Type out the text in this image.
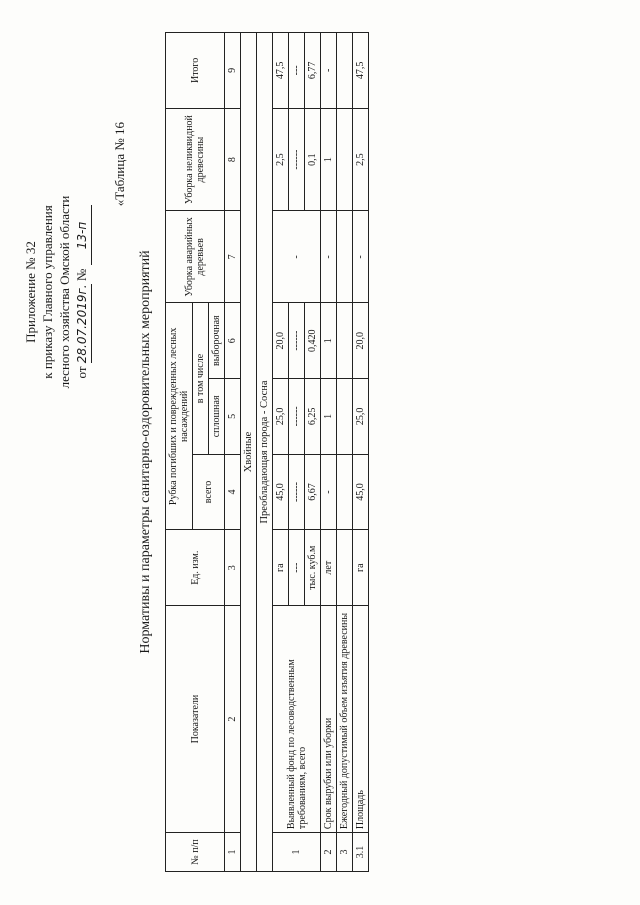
Приложение № 32 к приказу Главного управления лесного хозяйства Омской области от 28.07.2019г. № 13-п
«Таблица № 16
Нормативы и параметры санитарно-оздоровительных мероприятий
№ п/п	Показатели	Ед. изм.	Рубка погибших и поврежденных лесных насаждений			Уборка аварийных деревьев	Уборка неликвидной древесины	Итого
			всего	в том числе				
				сплошная	выборочная			
1	2	3	4	5	6	7	8	9
Хвойные								
Преобладающая порода - Сосна								
1	Выявленный фонд по лесоводственным требованиям, всего	га	45,0	25,0	20,0	-	2,5	47,5
		---	------	------	------		------	---
		тыс. куб.м	6,67	6,25	0,420		0,1	6,77
2	Срок вырубки или уборки	лет	-	1	1	-	1	-
3	Ежегодный допустимый объем изъятия древесины							
3.1	Площадь	га	45,0	25,0	20,0	-	2,5	47,5
